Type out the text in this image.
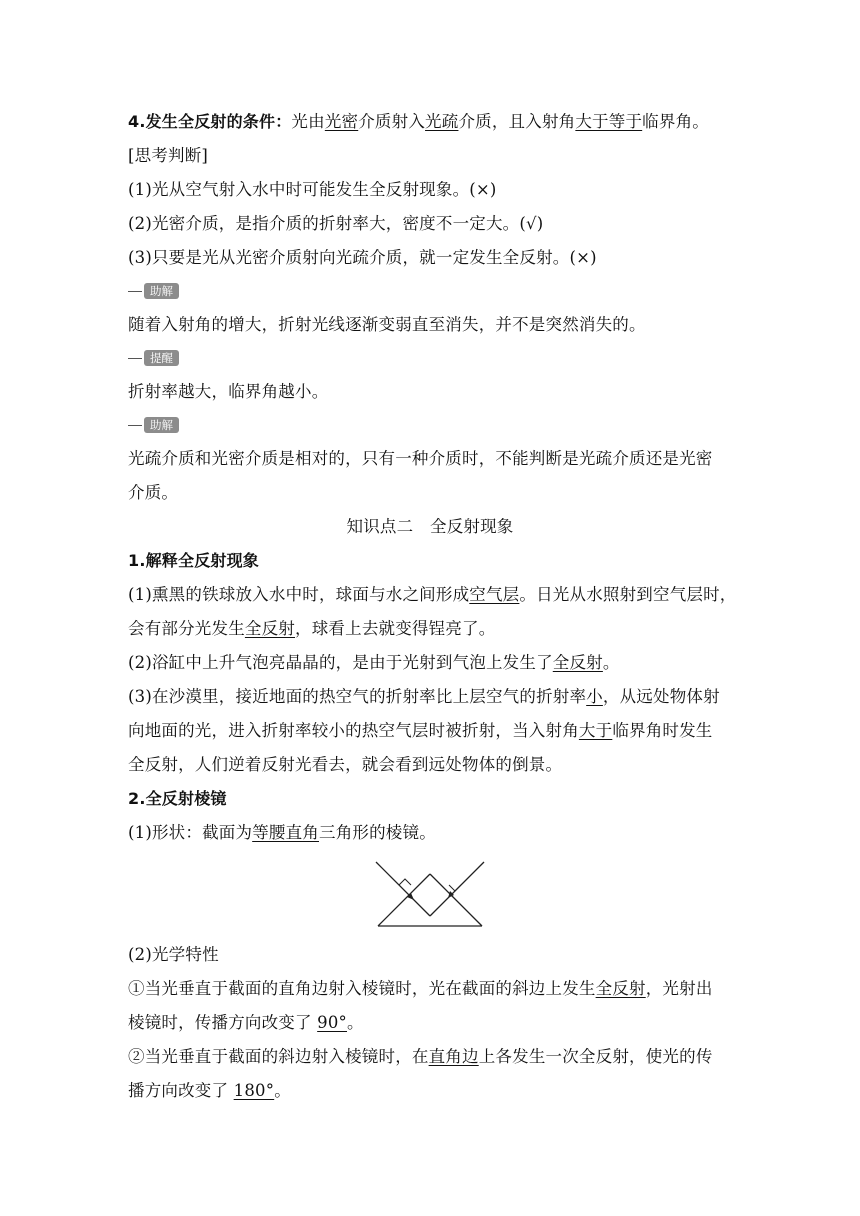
4.发生全反射的条件：光由光密介质射入光疏介质，且入射角大于等于临界角。
[思考判断]
(1)光从空气射入水中时可能发生全反射现象。(×)
(2)光密介质，是指介质的折射率大，密度不一定大。(√)
(3)只要是光从光密介质射向光疏介质，就一定发生全反射。(×)
助解
随着入射角的增大，折射光线逐渐变弱直至消失，并不是突然消失的。
提醒
折射率越大，临界角越小。
助解
光疏介质和光密介质是相对的，只有一种介质时，不能判断是光疏介质还是光密
介质。
知识点二　全反射现象
1.解释全反射现象
(1)熏黑的铁球放入水中时，球面与水之间形成空气层。日光从水照射到空气层时，
会有部分光发生全反射，球看上去就变得锃亮了。
(2)浴缸中上升气泡亮晶晶的，是由于光射到气泡上发生了全反射。
(3)在沙漠里，接近地面的热空气的折射率比上层空气的折射率小，从远处物体射
向地面的光，进入折射率较小的热空气层时被折射，当入射角大于临界角时发生
全反射，人们逆着反射光看去，就会看到远处物体的倒景。
2.全反射棱镜
(1)形状：截面为等腰直角三角形的棱镜。
(2)光学特性
①当光垂直于截面的直角边射入棱镜时，光在截面的斜边上发生全反射，光射出
棱镜时，传播方向改变了 90°。
②当光垂直于截面的斜边射入棱镜时，在直角边上各发生一次全反射，使光的传
播方向改变了 180°。
